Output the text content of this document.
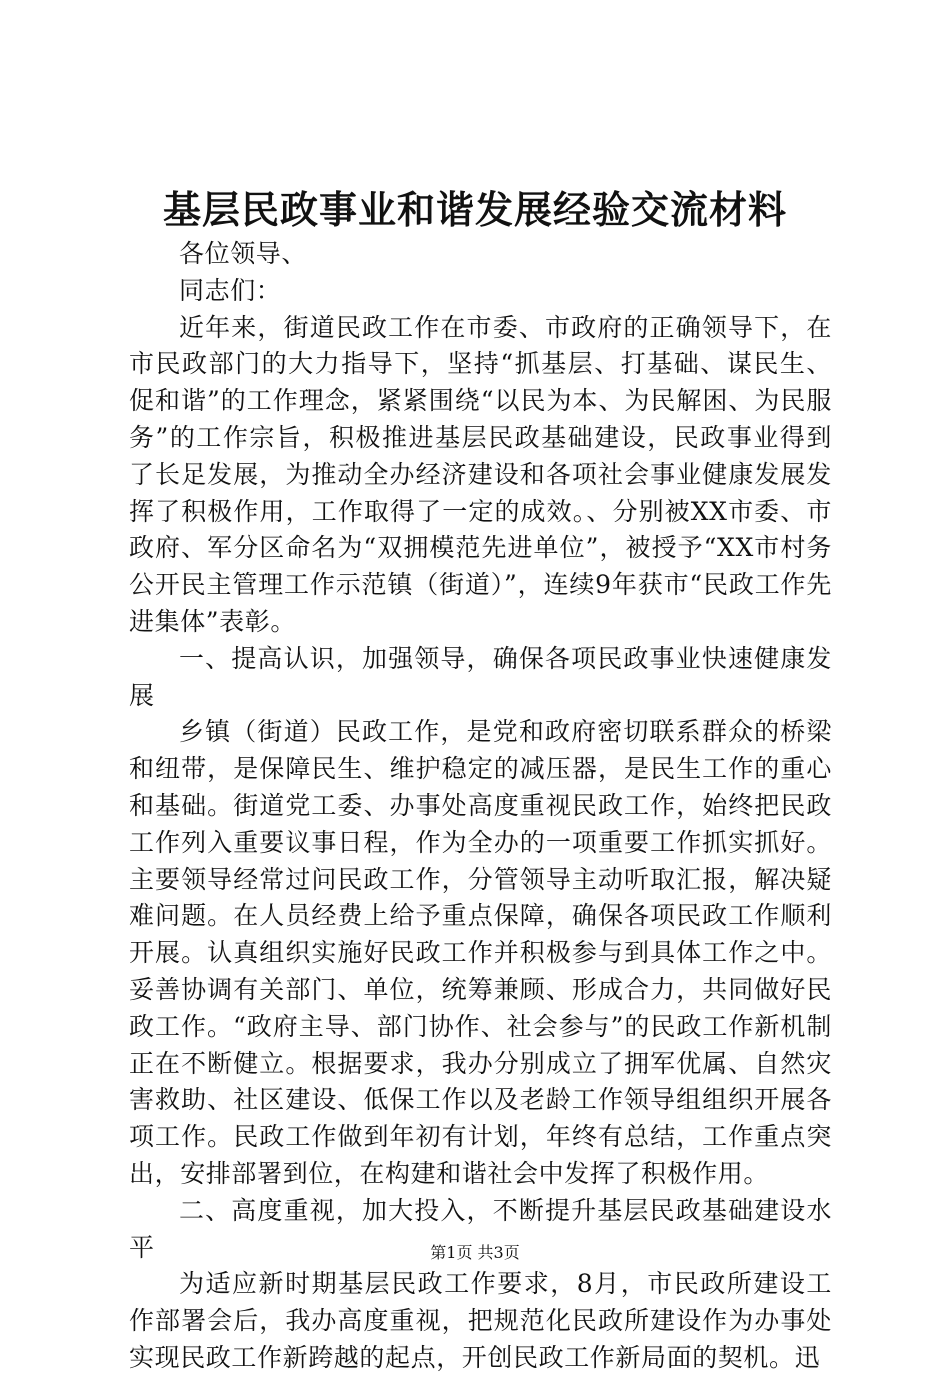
基层民政事业和谐发展经验交流材料

各位领导、

同志们：

近年来，街道民政工作在市委、市政府的正确领导下，在市民政部门的大力指导下，坚持“抓基层、打基础、谋民生、促和谐”的工作理念，紧紧围绕“以民为本、为民解困、为民服务”的工作宗旨，积极推进基层民政基础建设，民政事业得到了长足发展，为推动全办经济建设和各项社会事业健康发展发挥了积极作用，工作取得了一定的成效。、分别被XX市委、市政府、军分区命名为“双拥模范先进单位”，被授予“XX市村务公开民主管理工作示范镇（街道）”，连续9年获市“民政工作先进集体”表彰。

一、提高认识，加强领导，确保各项民政事业快速健康发展

乡镇（街道）民政工作，是党和政府密切联系群众的桥梁和纽带，是保障民生、维护稳定的减压器，是民生工作的重心和基础。街道党工委、办事处高度重视民政工作，始终把民政工作列入重要议事日程，作为全办的一项重要工作抓实抓好。主要领导经常过问民政工作，分管领导主动听取汇报，解决疑难问题。在人员经费上给予重点保障，确保各项民政工作顺利开展。认真组织实施好民政工作并积极参与到具体工作之中。妥善协调有关部门、单位，统筹兼顾、形成合力，共同做好民政工作。“政府主导、部门协作、社会参与”的民政工作新机制正在不断健立。根据要求，我办分别成立了拥军优属、自然灾害救助、社区建设、低保工作以及老龄工作领导组组织开展各项工作。民政工作做到年初有计划，年终有总结，工作重点突出，安排部署到位，在构建和谐社会中发挥了积极作用。

二、高度重视，加大投入，不断提升基层民政基础建设水平

为适应新时期基层民政工作要求，8月，市民政所建设工作部署会后，我办高度重视，把规范化民政所建设作为办事处实现民政工作新跨越的起点，开创民政工作新局面的契机。迅

第1页 共3页
